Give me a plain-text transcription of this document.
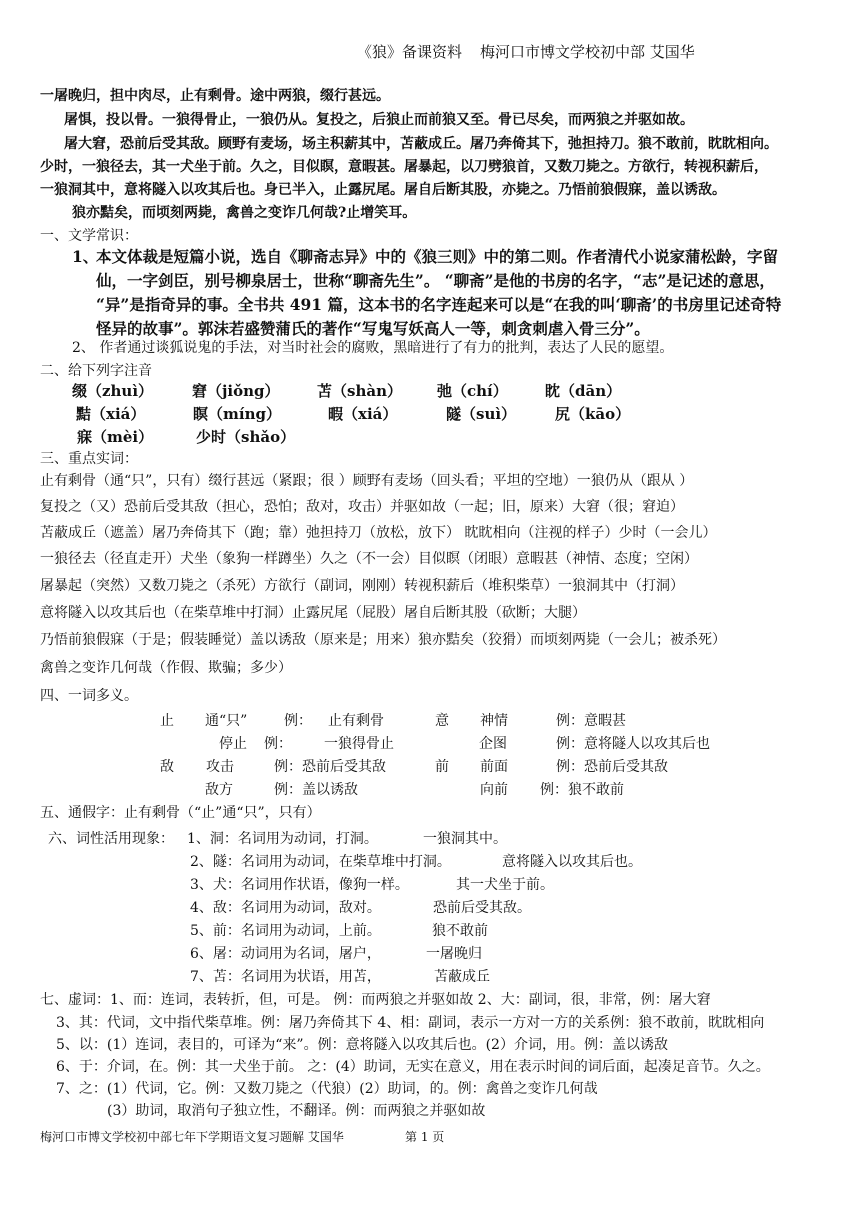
《狼》备课资料 梅河口市博文学校初中部 艾国华
一屠晚归，担中肉尽，止有剩骨。途中两狼，缀行甚远。
屠惧，投以骨。一狼得骨止，一狼仍从。复投之，后狼止而前狼又至。骨已尽矣，而两狼之并驱如故。
屠大窘，恐前后受其敌。顾野有麦场，场主积薪其中，苫蔽成丘。屠乃奔倚其下，弛担持刀。狼不敢前，眈眈相向。
少时，一狼径去，其一犬坐于前。久之，目似瞑，意暇甚。屠暴起，以刀劈狼首，又数刀毙之。方欲行，转视积薪后，
一狼洞其中，意将隧入以攻其后也。身已半入，止露尻尾。屠自后断其股，亦毙之。乃悟前狼假寐，盖以诱敌。
狼亦黠矣，而顷刻两毙，禽兽之变诈几何哉?止增笑耳。
一、文学常识：
1、
本文体裁是短篇小说，选自《聊斋志异》中的《狼三则》中的第二则。作者清代小说家蒲松龄，字留
仙，一字剑臣，别号柳泉居士，世称“聊斋先生”。 “聊斋”是他的书房的名字，“志”是记述的意思，
“异”是指奇异的事。全书共 491 篇，这本书的名字连起来可以是“在我的叫‘聊斋’的书房里记述奇特
怪异的故事”。郭沫若盛赞蒲氏的著作“写鬼写妖高人一等，刺贪刺虐入骨三分”。
2、 作者通过谈狐说鬼的手法，对当时社会的腐败，黑暗进行了有力的批判，表达了人民的愿望。
二、给下列字注音
缀（zhuì）	窘（jiǒng） 苫（shàn） 弛（chí） 眈（dān）
黠（xiá）	瞑（míng）	暇（xiá）	隧（suì）	尻（kāo）
寐（mèi）	少时（shǎo）
三、重点实词：
止有剩骨（通“只”，只有）缀行甚远（紧跟；很 ）顾野有麦场（回头看；平坦的空地）一狼仍从（跟从 ）
复投之（又）恐前后受其敌（担心，恐怕；敌对，攻击）并驱如故（一起；旧，原来）大窘（很；窘迫）
苫蔽成丘（遮盖）屠乃奔倚其下（跑；靠）弛担持刀（放松，放下） 眈眈相向（注视的样子）少时（一会儿）
一狼径去（径直走开）犬坐（象狗一样蹲坐）久之（不一会）目似瞑（闭眼）意暇甚（神情、态度；空闲）
屠暴起（突然）又数刀毙之（杀死）方欲行（副词，刚刚）转视积薪后（堆积柴草）一狼洞其中（打洞）
意将隧入以攻其后也（在柴草堆中打洞）止露尻尾（屁股）屠自后断其股（砍断；大腿）
乃悟前狼假寐（于是；假装睡觉）盖以诱敌（原来是；用来）狼亦黠矣（狡猾）而顷刻两毙（一会儿；被杀死）
禽兽之变诈几何哉（作假、欺骗；多少）
四、一词多义。
止 通“只”	例： 止有剩骨	意 神情	例：意暇甚
停止 例： 一狼得骨止	企图	例：意将隧人以攻其后也
敌 攻击	例：恐前后受其敌	前 前面	例：恐前后受其敌
敌方	例：盖以诱敌	向前 例：狼不敢前
五、通假字：止有剩骨（“止”通“只”，只有）
六、词性活用现象： 1、洞：名词用为动词，打洞。	一狼洞其中。
2、隧：名词用为动词，在柴草堆中打洞。	意将隧入以攻其后也。
3、犬：名词用作状语，像狗一样。	其一犬坐于前。
4、敌：名词用为动词，敌对。	恐前后受其敌。
5、前：名词用为动词，上前。	狼不敢前
6、屠：动词用为名词，屠户，	一屠晚归
7、苫：名词用为状语，用苫，	苫蔽成丘
七、虚词：1、而：连词，表转折，但，可是。 例：而两狼之并驱如故 2、大：副词，很，非常，例：屠大窘
3、其：代词，文中指代柴草堆。例：屠乃奔倚其下 4、相：副词，表示一方对一方的关系例：狼不敢前，眈眈相向
5、以：(1）连词，表目的，可译为“来”。例：意将隧入以攻其后也。(2）介词，用。例：盖以诱敌
6、于：介词，在。例：其一犬坐于前。 之：(4）助词，无实在意义，用在表示时间的词后面，起凑足音节。久之。
7、之：(1）代词，它。例：又数刀毙之（代狼）(2）助词，的。例：禽兽之变诈几何哉
(3）助词，取消句子独立性，不翻译。例：而两狼之并驱如故
梅河口市博文学校初中部七年下学期语文复习题解 艾国华	第 1 页
